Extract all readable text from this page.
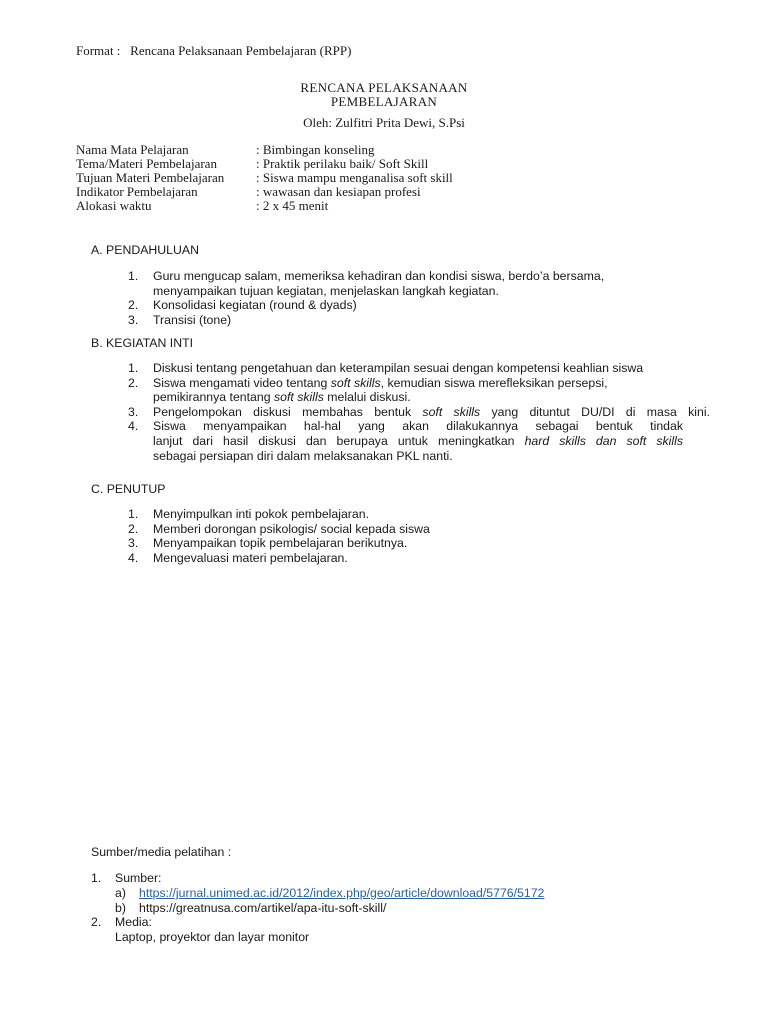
Format : Rencana Pelaksanaan Pembelajaran (RPP)
RENCANA PELAKSANAAN
PEMBELAJARAN
Oleh: Zulfitri Prita Dewi, S.Psi
Nama Mata Pelajaran	: Bimbingan konseling
Tema/Materi Pembelajaran	: Praktik perilaku baik/ Soft Skill
Tujuan Materi Pembelajaran : Siswa mampu menganalisa soft skill
Indikator Pembelajaran	: wawasan dan kesiapan profesi
Alokasi waktu	: 2 x 45 menit
A. PENDAHULUAN
1. Guru mengucap salam, memeriksa kehadiran dan kondisi siswa, berdo’a bersama,
menyampaikan tujuan kegiatan, menjelaskan langkah kegiatan.
2. Konsolidasi kegiatan (round & dyads)
3. Transisi (tone)
B. KEGIATAN INTI
1. Diskusi tentang pengetahuan dan keterampilan sesuai dengan kompetensi keahlian siswa
2. Siswa mengamati video tentang soft skills, kemudian siswa merefleksikan persepsi,
pemikirannya tentang soft skills melalui diskusi.
3. Pengelompokan diskusi membahas bentuk soft skills yang dituntut DU/DI di masa kini.
4. Siswa menyampaikan hal-hal yang akan dilakukannya sebagai bentuk tindak
lanjut dari hasil diskusi dan berupaya untuk meningkatkan hard skills dan soft skills
sebagai persiapan diri dalam melaksanakan PKL nanti.
C. PENUTUP
1. Menyimpulkan inti pokok pembelajaran.
2. Memberi dorongan psikologis/ social kepada siswa
3. Menyampaikan topik pembelajaran berikutnya.
4. Mengevaluasi materi pembelajaran.
Sumber/media pelatihan :
1. Sumber:
a) https://jurnal.unimed.ac.id/2012/index.php/geo/article/download/5776/5172
b) https://greatnusa.com/artikel/apa-itu-soft-skill/
2. Media:
Laptop, proyektor dan layar monitor
